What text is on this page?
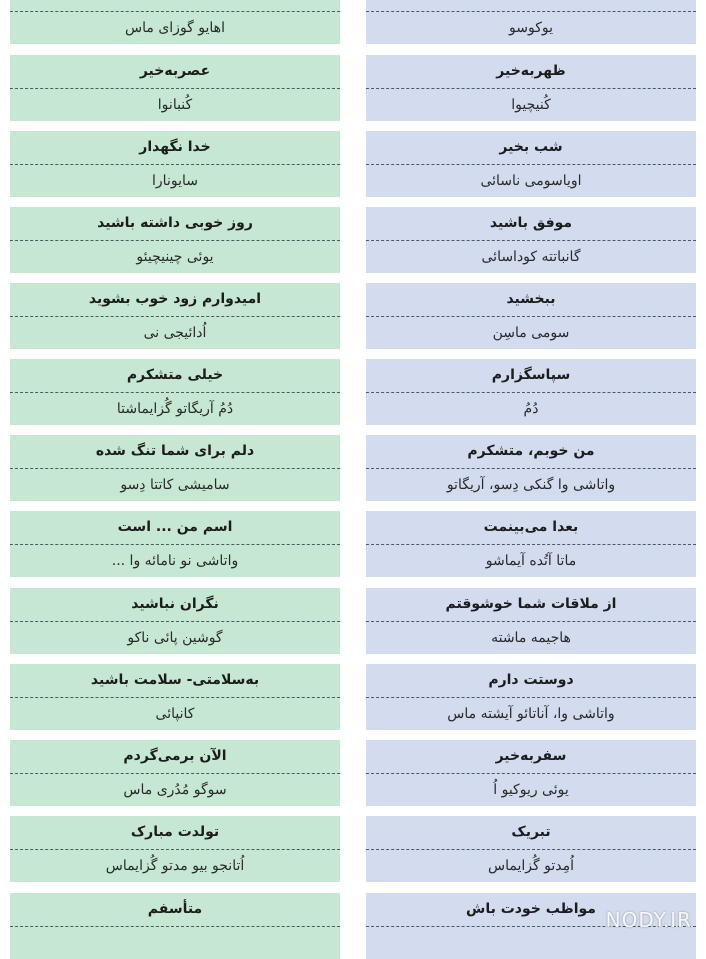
اهایو گوزای ماس
عصربه‌خیر
کُنبانوا
خدا نگهدار
سایونارا
روز خوبی داشته باشید
یوئی چینیچیئو
امیدوارم زود خوب بشوید
اُدائیجی نی
خیلی متشکرم
دُمُ آریگاتو گُزایماشتا
دلم برای شما تنگ شده
سامیشی کاتتا دِسو
اسم من ... است
واتاشی نو نامائه وا ...
نگران نباشید
گوشین پائی ناکو
به‌سلامتی- سلامت باشید
کانپائی
الآن برمی‌گردم
سوگو مُدُری ماس
تولدت مبارک
اُتانجو بیو مدتو گُزایماس
متأسفم
یوکوسو
ظهربه‌خیر
کُنیچیوا
شب بخیر
اویاسومی ناسائی
موفق باشید
گانباتته کوداسائی
ببخشید
سومی ماسِن
سپاسگزارم
دُمُ
من خوبم، متشکرم
واتاشی وا گنکی دِسو، آریگاتو
بعدا می‌بینمت
ماتا آتُده آیماشو
از ملاقات شما خوشوقتم
هاجیمه ماشته
دوستت دارم
واتاشی وا، آناتائو آیشته ماس
سفربه‌خیر
یوئی ریوکیو اُ
تبریک
اُمِدتو گُزایماس
مواظب خودت باش NODY.IR
